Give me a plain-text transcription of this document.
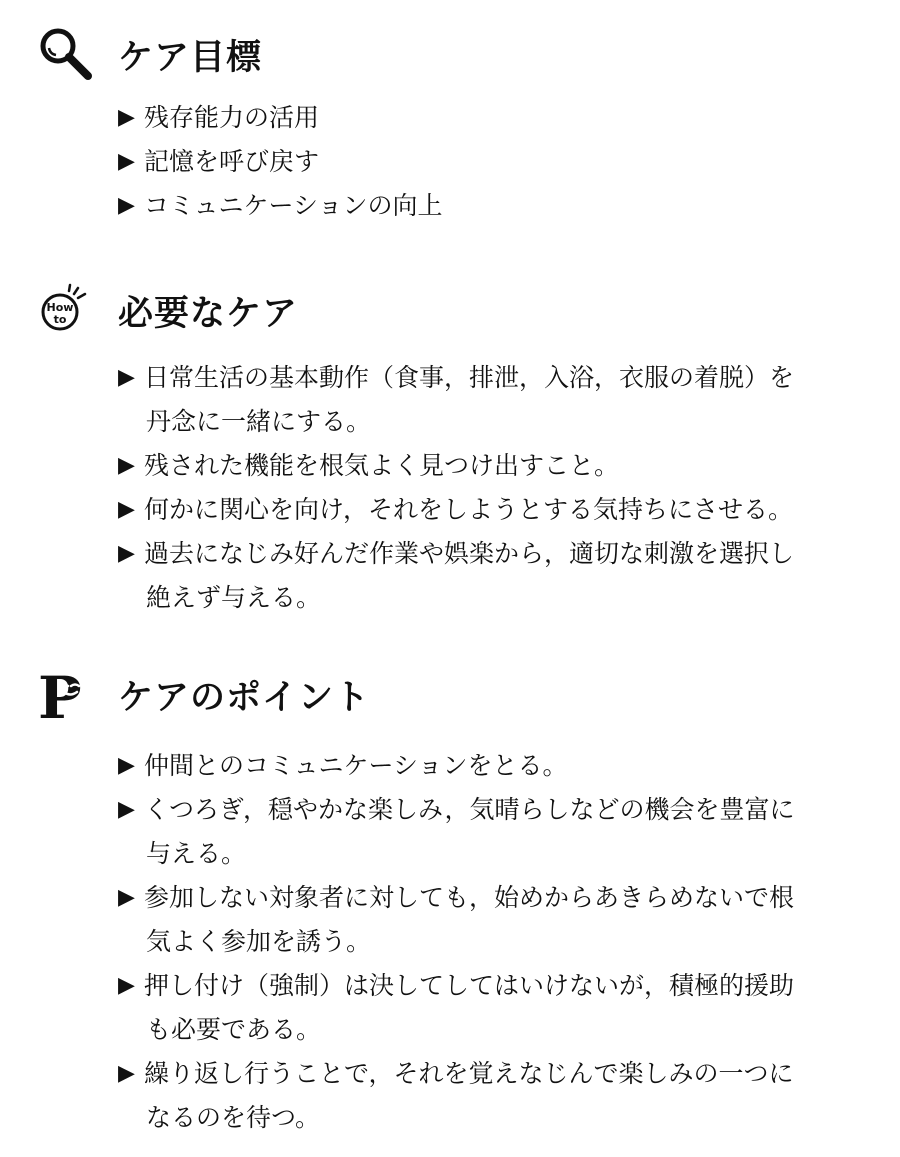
ケア目標
▶ 残存能力の活用
▶ 記憶を呼び戻す
▶ コミュニケーションの向上
How
to 必要なケア
▶ 日常生活の基本動作（食事，排泄，入浴，衣服の着脱）を
丹念に一緒にする。
▶ 残された機能を根気よく見つけ出すこと。
▶ 何かに関心を向け，それをしようとする気持ちにさせる。
▶ 過去になじみ好んだ作業や娯楽から，適切な刺激を選択し
絶えず与える。
P ケアのポイント
▶ 仲間とのコミュニケーションをとる。
▶ くつろぎ，穏やかな楽しみ，気晴らしなどの機会を豊富に
与える。
▶ 参加しない対象者に対しても，始めからあきらめないで根
気よく参加を誘う。
▶ 押し付け（強制）は決してしてはいけないが，積極的援助
も必要である。
▶ 繰り返し行うことで，それを覚えなじんで楽しみの一つに
なるのを待つ。
